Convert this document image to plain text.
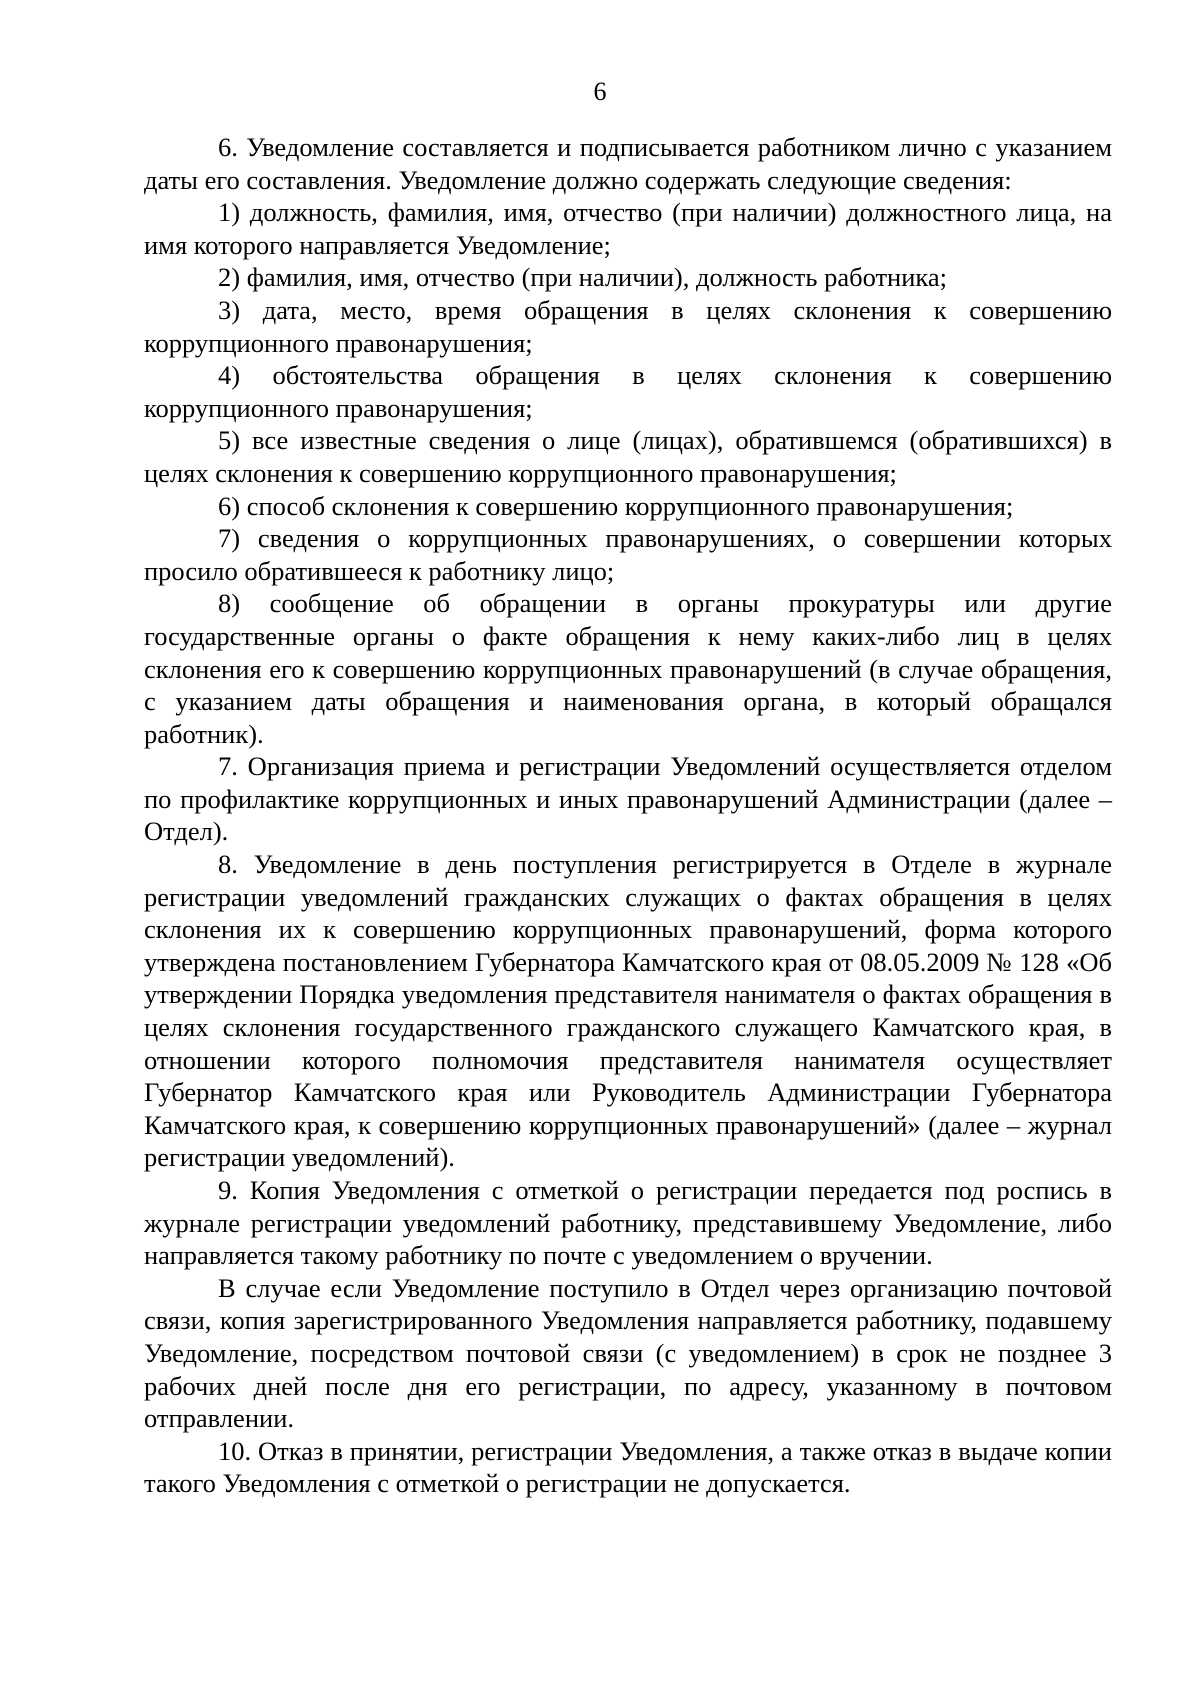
6

6. Уведомление составляется и подписывается работником лично с указанием даты его составления. Уведомление должно содержать следующие сведения:

1) должность, фамилия, имя, отчество (при наличии) должностного лица, на имя которого направляется Уведомление;

2) фамилия, имя, отчество (при наличии), должность работника;

3) дата, место, время обращения в целях склонения к совершению коррупционного правонарушения;

4) обстоятельства обращения в целях склонения к совершению коррупционного правонарушения;

5) все известные сведения о лице (лицах), обратившемся (обратившихся) в целях склонения к совершению коррупционного правонарушения;

6) способ склонения к совершению коррупционного правонарушения;

7) сведения о коррупционных правонарушениях, о совершении которых просило обратившееся к работнику лицо;

8) сообщение об обращении в органы прокуратуры или другие государственные органы о факте обращения к нему каких-либо лиц в целях склонения его к совершению коррупционных правонарушений (в случае обращения, с указанием даты обращения и наименования органа, в который обращался работник).

7. Организация приема и регистрации Уведомлений осуществляется отделом по профилактике коррупционных и иных правонарушений Администрации (далее – Отдел).

8. Уведомление в день поступления регистрируется в Отделе в журнале регистрации уведомлений гражданских служащих о фактах обращения в целях склонения их к совершению коррупционных правонарушений, форма которого утверждена постановлением Губернатора Камчатского края от 08.05.2009 № 128 «Об утверждении Порядка уведомления представителя нанимателя о фактах обращения в целях склонения государственного гражданского служащего Камчатского края, в отношении которого полномочия представителя нанимателя осуществляет Губернатор Камчатского края или Руководитель Администрации Губернатора Камчатского края, к совершению коррупционных правонарушений» (далее – журнал регистрации уведомлений).

9. Копия Уведомления с отметкой о регистрации передается под роспись в журнале регистрации уведомлений работнику, представившему Уведомление, либо направляется такому работнику по почте с уведомлением о вручении.

В случае если Уведомление поступило в Отдел через организацию почтовой связи, копия зарегистрированного Уведомления направляется работнику, подавшему Уведомление, посредством почтовой связи (с уведомлением) в срок не позднее 3 рабочих дней после дня его регистрации, по адресу, указанному в почтовом отправлении.

10. Отказ в принятии, регистрации Уведомления, а также отказ в выдаче копии такого Уведомления с отметкой о регистрации не допускается.
